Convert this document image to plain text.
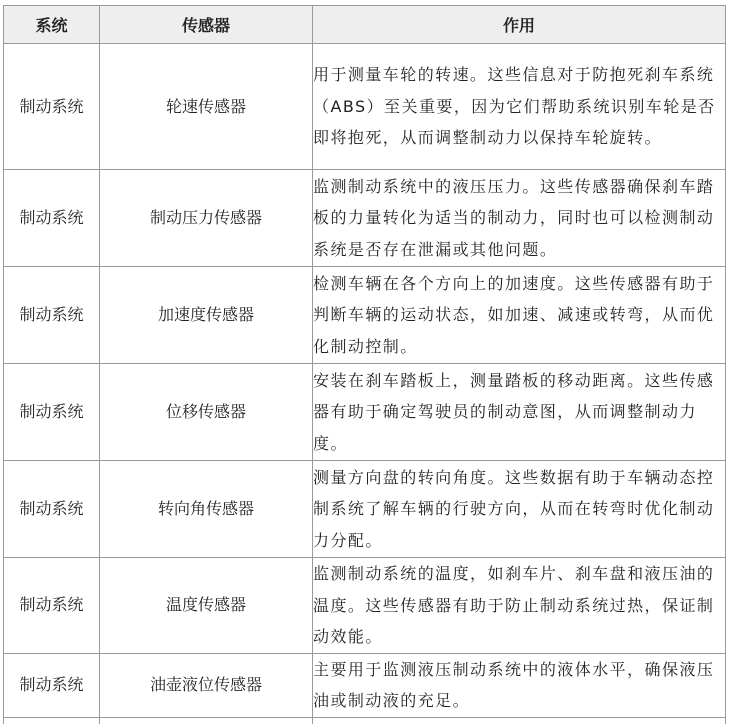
系统	传感器	作用
制动系统	轮速传感器	用于测量车轮的转速。这些信息对于防抱死刹车系统（ABS）至关重要，因为它们帮助系统识别车轮是否即将抱死，从而调整制动力以保持车轮旋转。
制动系统	制动压力传感器	监测制动系统中的液压压力。这些传感器确保刹车踏板的力量转化为适当的制动力，同时也可以检测制动系统是否存在泄漏或其他问题。
制动系统	加速度传感器	检测车辆在各个方向上的加速度。这些传感器有助于判断车辆的运动状态，如加速、减速或转弯，从而优化制动控制。
制动系统	位移传感器	安装在刹车踏板上，测量踏板的移动距离。这些传感器有助于确定驾驶员的制动意图，从而调整制动力度。
制动系统	转向角传感器	测量方向盘的转向角度。这些数据有助于车辆动态控制系统了解车辆的行驶方向，从而在转弯时优化制动力分配。
制动系统	温度传感器	监测制动系统的温度，如刹车片、刹车盘和液压油的温度。这些传感器有助于防止制动系统过热，保证制动效能。
制动系统	油壶液位传感器	主要用于监测液压制动系统中的液体水平，确保液压油或制动液的充足。
